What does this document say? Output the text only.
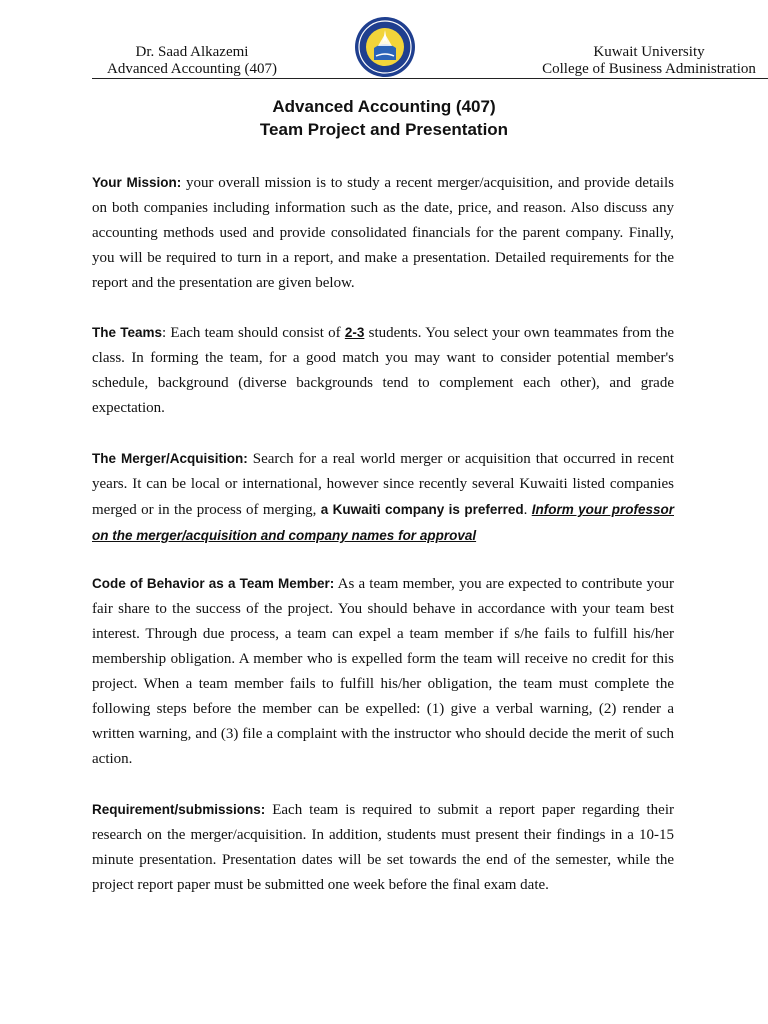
Dr. Saad Alkazemi
Advanced Accounting (407)
Kuwait University
College of Business Administration
Advanced Accounting (407)
Team Project and Presentation
Your Mission: your overall mission is to study a recent merger/acquisition, and provide details on both companies including information such as the date, price, and reason. Also discuss any accounting methods used and provide consolidated financials for the parent company. Finally, you will be required to turn in a report, and make a presentation. Detailed requirements for the report and the presentation are given below.
The Teams: Each team should consist of 2-3 students. You select your own teammates from the class. In forming the team, for a good match you may want to consider potential member's schedule, background (diverse backgrounds tend to complement each other), and grade expectation.
The Merger/Acquisition: Search for a real world merger or acquisition that occurred in recent years. It can be local or international, however since recently several Kuwaiti listed companies merged or in the process of merging, a Kuwaiti company is preferred. Inform your professor on the merger/acquisition and company names for approval
Code of Behavior as a Team Member: As a team member, you are expected to contribute your fair share to the success of the project. You should behave in accordance with your team best interest. Through due process, a team can expel a team member if s/he fails to fulfill his/her membership obligation. A member who is expelled form the team will receive no credit for this project. When a team member fails to fulfill his/her obligation, the team must complete the following steps before the member can be expelled: (1) give a verbal warning, (2) render a written warning, and (3) file a complaint with the instructor who should decide the merit of such action.
Requirement/submissions: Each team is required to submit a report paper regarding their research on the merger/acquisition. In addition, students must present their findings in a 10-15 minute presentation. Presentation dates will be set towards the end of the semester, while the project report paper must be submitted one week before the final exam date.
